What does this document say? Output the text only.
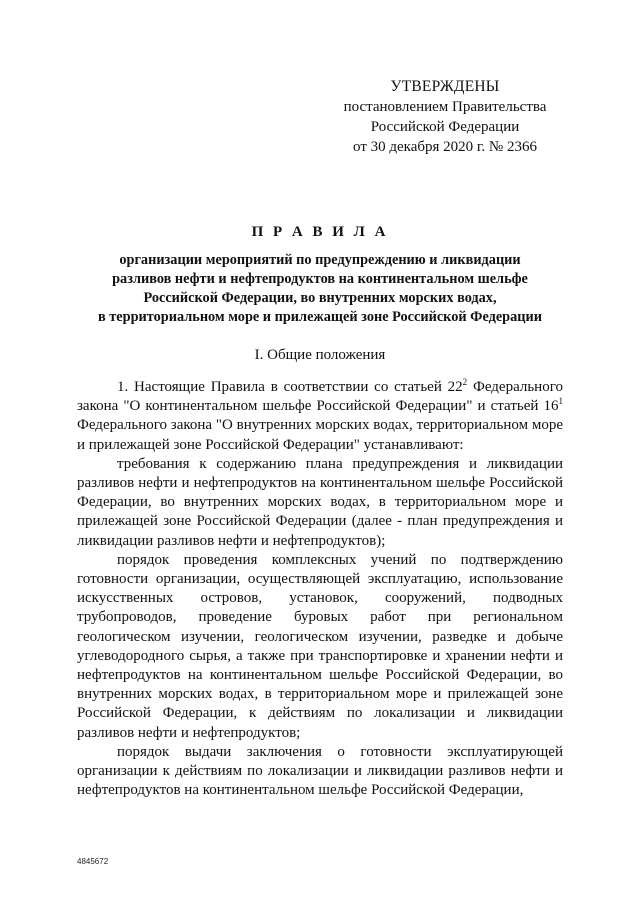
УТВЕРЖДЕНЫ
постановлением Правительства
Российской Федерации
от 30 декабря 2020 г. № 2366
П Р А В И Л А
организации мероприятий по предупреждению и ликвидации
разливов нефти и нефтепродуктов на континентальном шельфе
Российской Федерации, во внутренних морских водах,
в территориальном море и прилежащей зоне Российской Федерации
I. Общие положения

1. Настоящие Правила в соответствии со статьей $22^2$ Федерального закона "О континентальном шельфе Российской Федерации" и статьей $16^1$ Федерального закона "О внутренних морских водах, территориальном море и прилежащей зоне Российской Федерации" устанавливают:

требования к содержанию плана предупреждения и ликвидации разливов нефти и нефтепродуктов на континентальном шельфе Российской Федерации, во внутренних морских водах, в территориальном море и прилежащей зоне Российской Федерации (далее - план предупреждения и ликвидации разливов нефти и нефтепродуктов);

порядок проведения комплексных учений по подтверждению готовности организации, осуществляющей эксплуатацию, использование искусственных островов, установок, сооружений, подводных трубопроводов, проведение буровых работ при региональном геологическом изучении, геологическом изучении, разведке и добыче углеводородного сырья, а также при транспортировке и хранении нефти и нефтепродуктов на континентальном шельфе Российской Федерации, во внутренних морских водах, в территориальном море и прилежащей зоне Российской Федерации, к действиям по локализации и ликвидации разливов нефти и нефтепродуктов;

порядок выдачи заключения о готовности эксплуатирующей организации к действиям по локализации и ликвидации разливов нефти и нефтепродуктов на континентальном шельфе Российской Федерации,

4845672
